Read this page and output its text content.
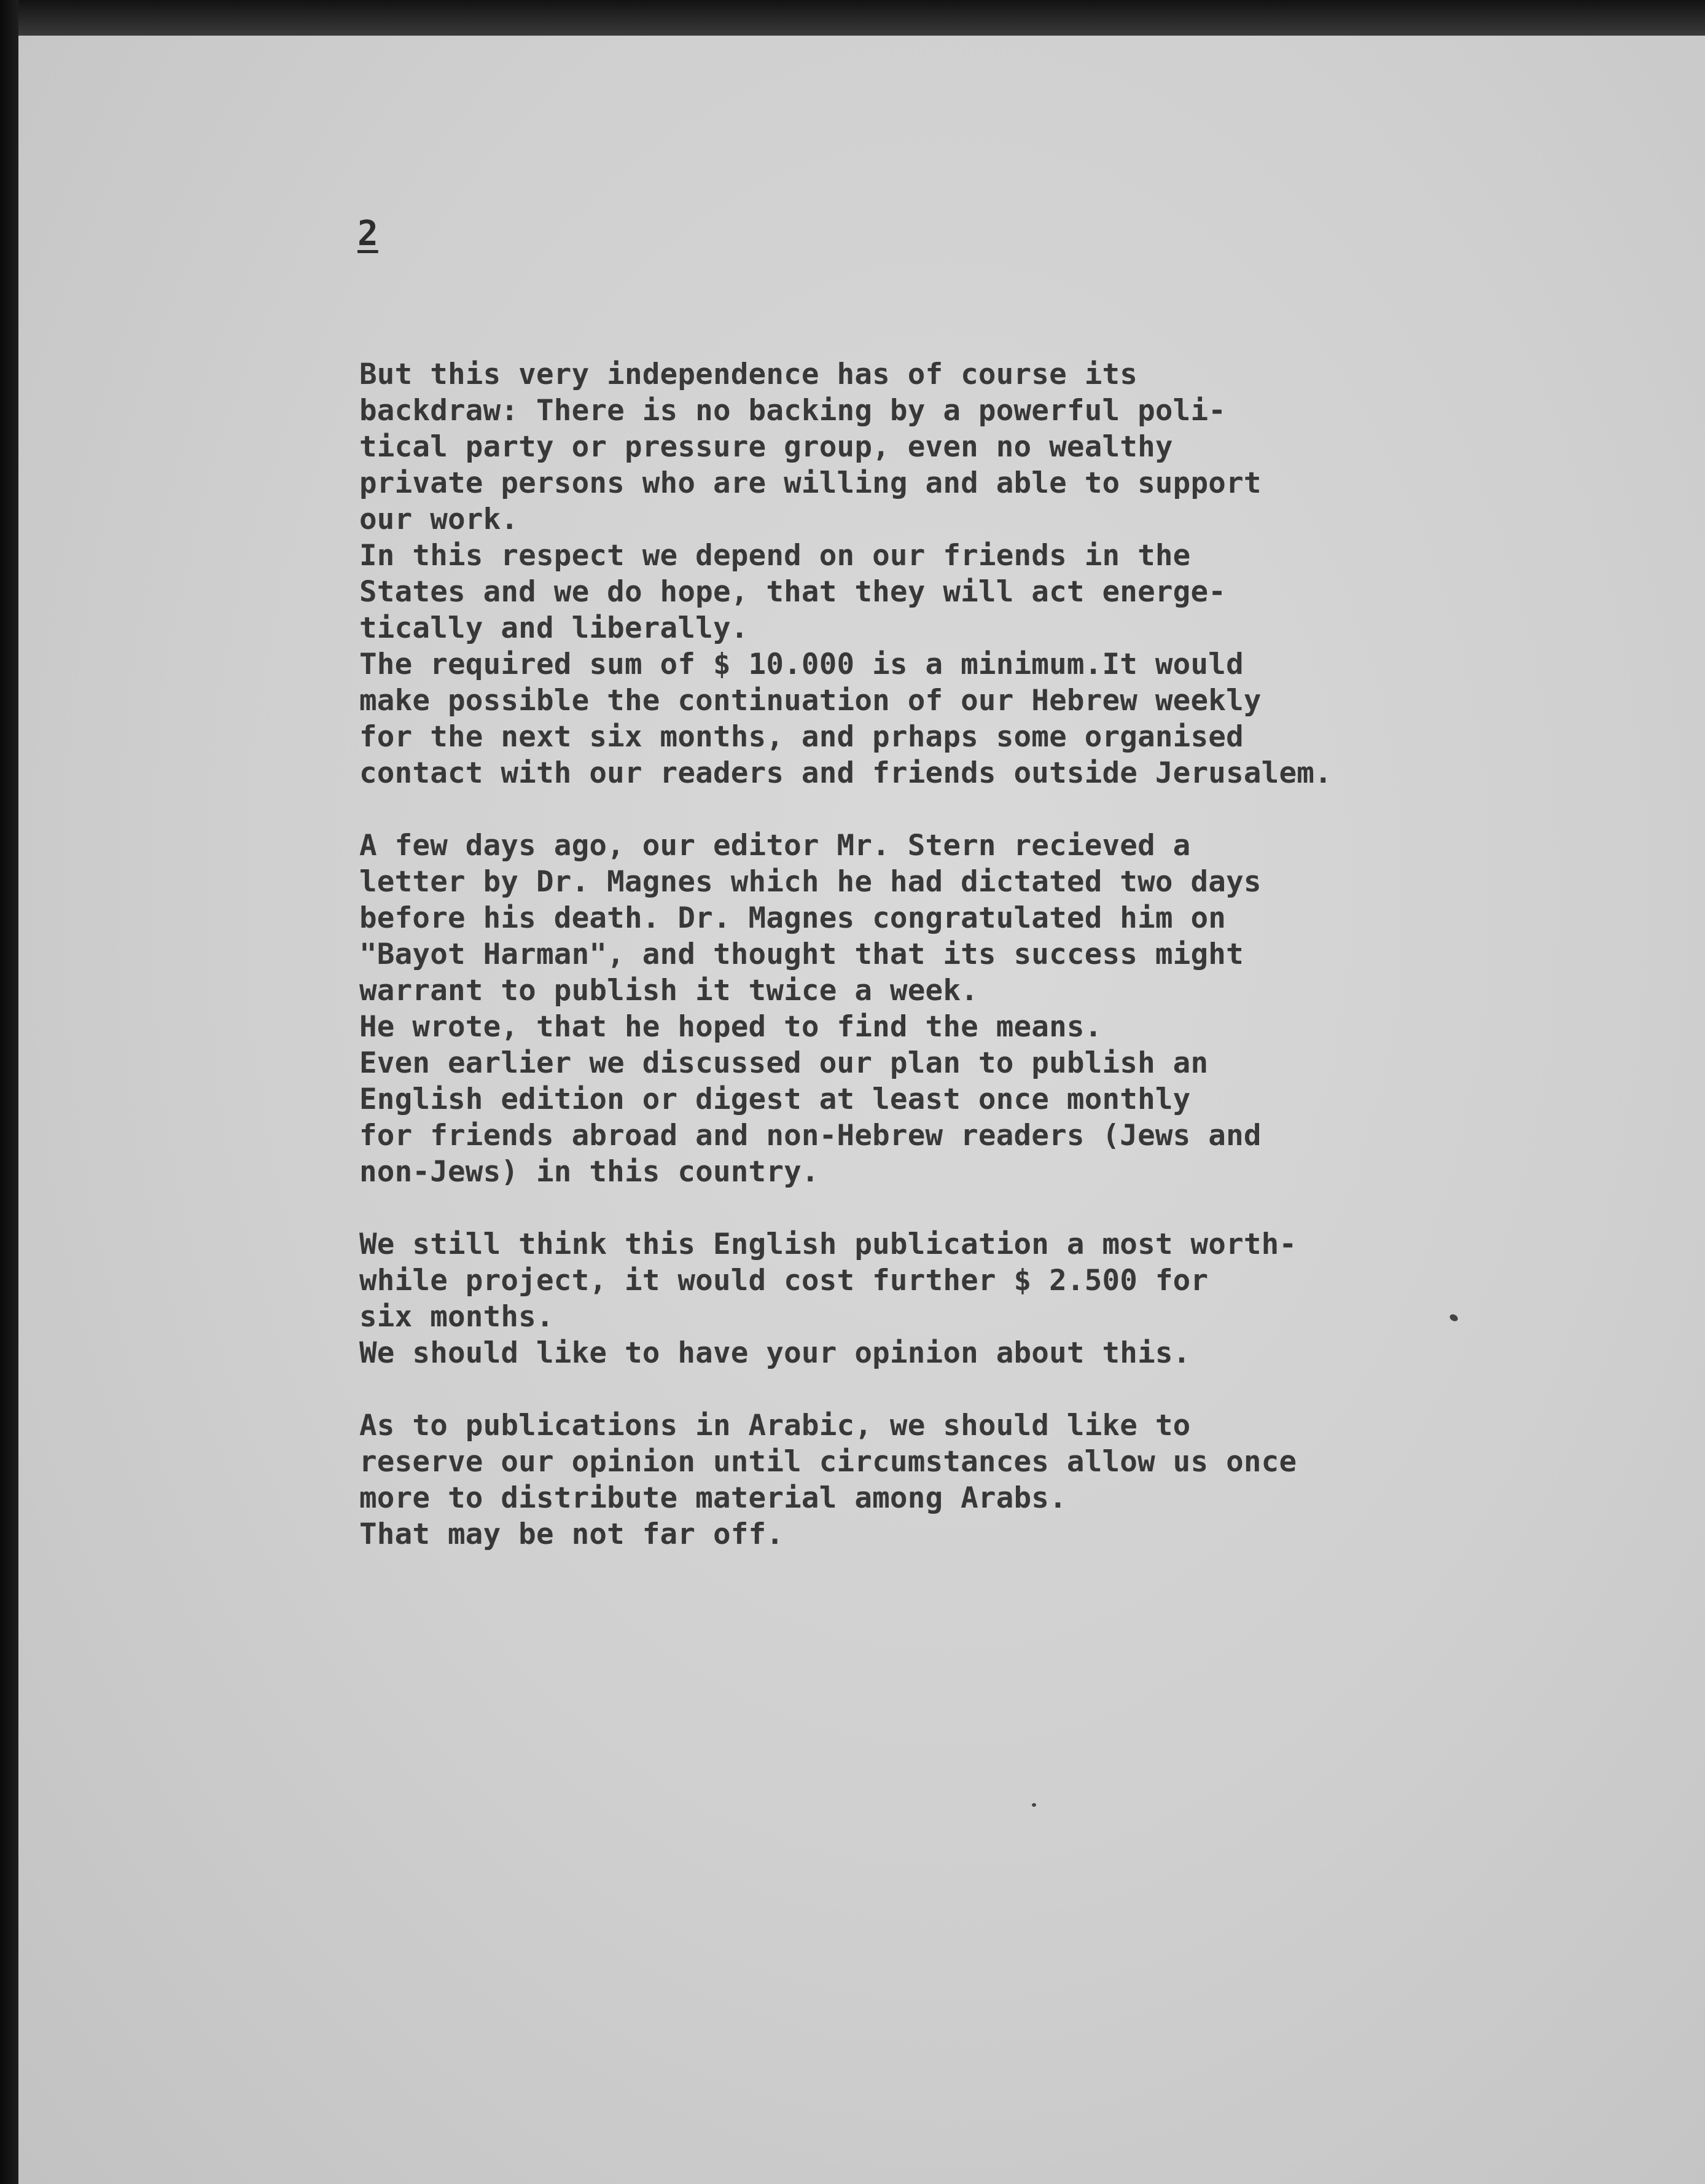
2
But this very independence has of course its
backdraw: There is no backing by a powerful poli-
tical party or pressure group, even no wealthy
private persons who are willing and able to support
our work.
In this respect we depend on our friends in the
States and we do hope, that they will act energe-
tically and liberally.
The required sum of $ 10.000 is a minimum.It would
make possible the continuation of our Hebrew weekly
for the next six months, and prhaps some organised
contact with our readers and friends outside Jerusalem.
A few days ago, our editor Mr. Stern recieved a
letter by Dr. Magnes which he had dictated two days
before his death. Dr. Magnes congratulated him on
"Bayot Harman", and thought that its success might
warrant to publish it twice a week.
He wrote, that he hoped to find the means.
Even earlier we discussed our plan to publish an
English edition or digest at least once monthly
for friends abroad and non-Hebrew readers (Jews and
non-Jews) in this country.
We still think this English publication a most worth-
while project, it would cost further $ 2.500 for
six months.
We should like to have your opinion about this.
As to publications in Arabic, we should like to
reserve our opinion until circumstances allow us once
more to distribute material among Arabs.
That may be not far off.
